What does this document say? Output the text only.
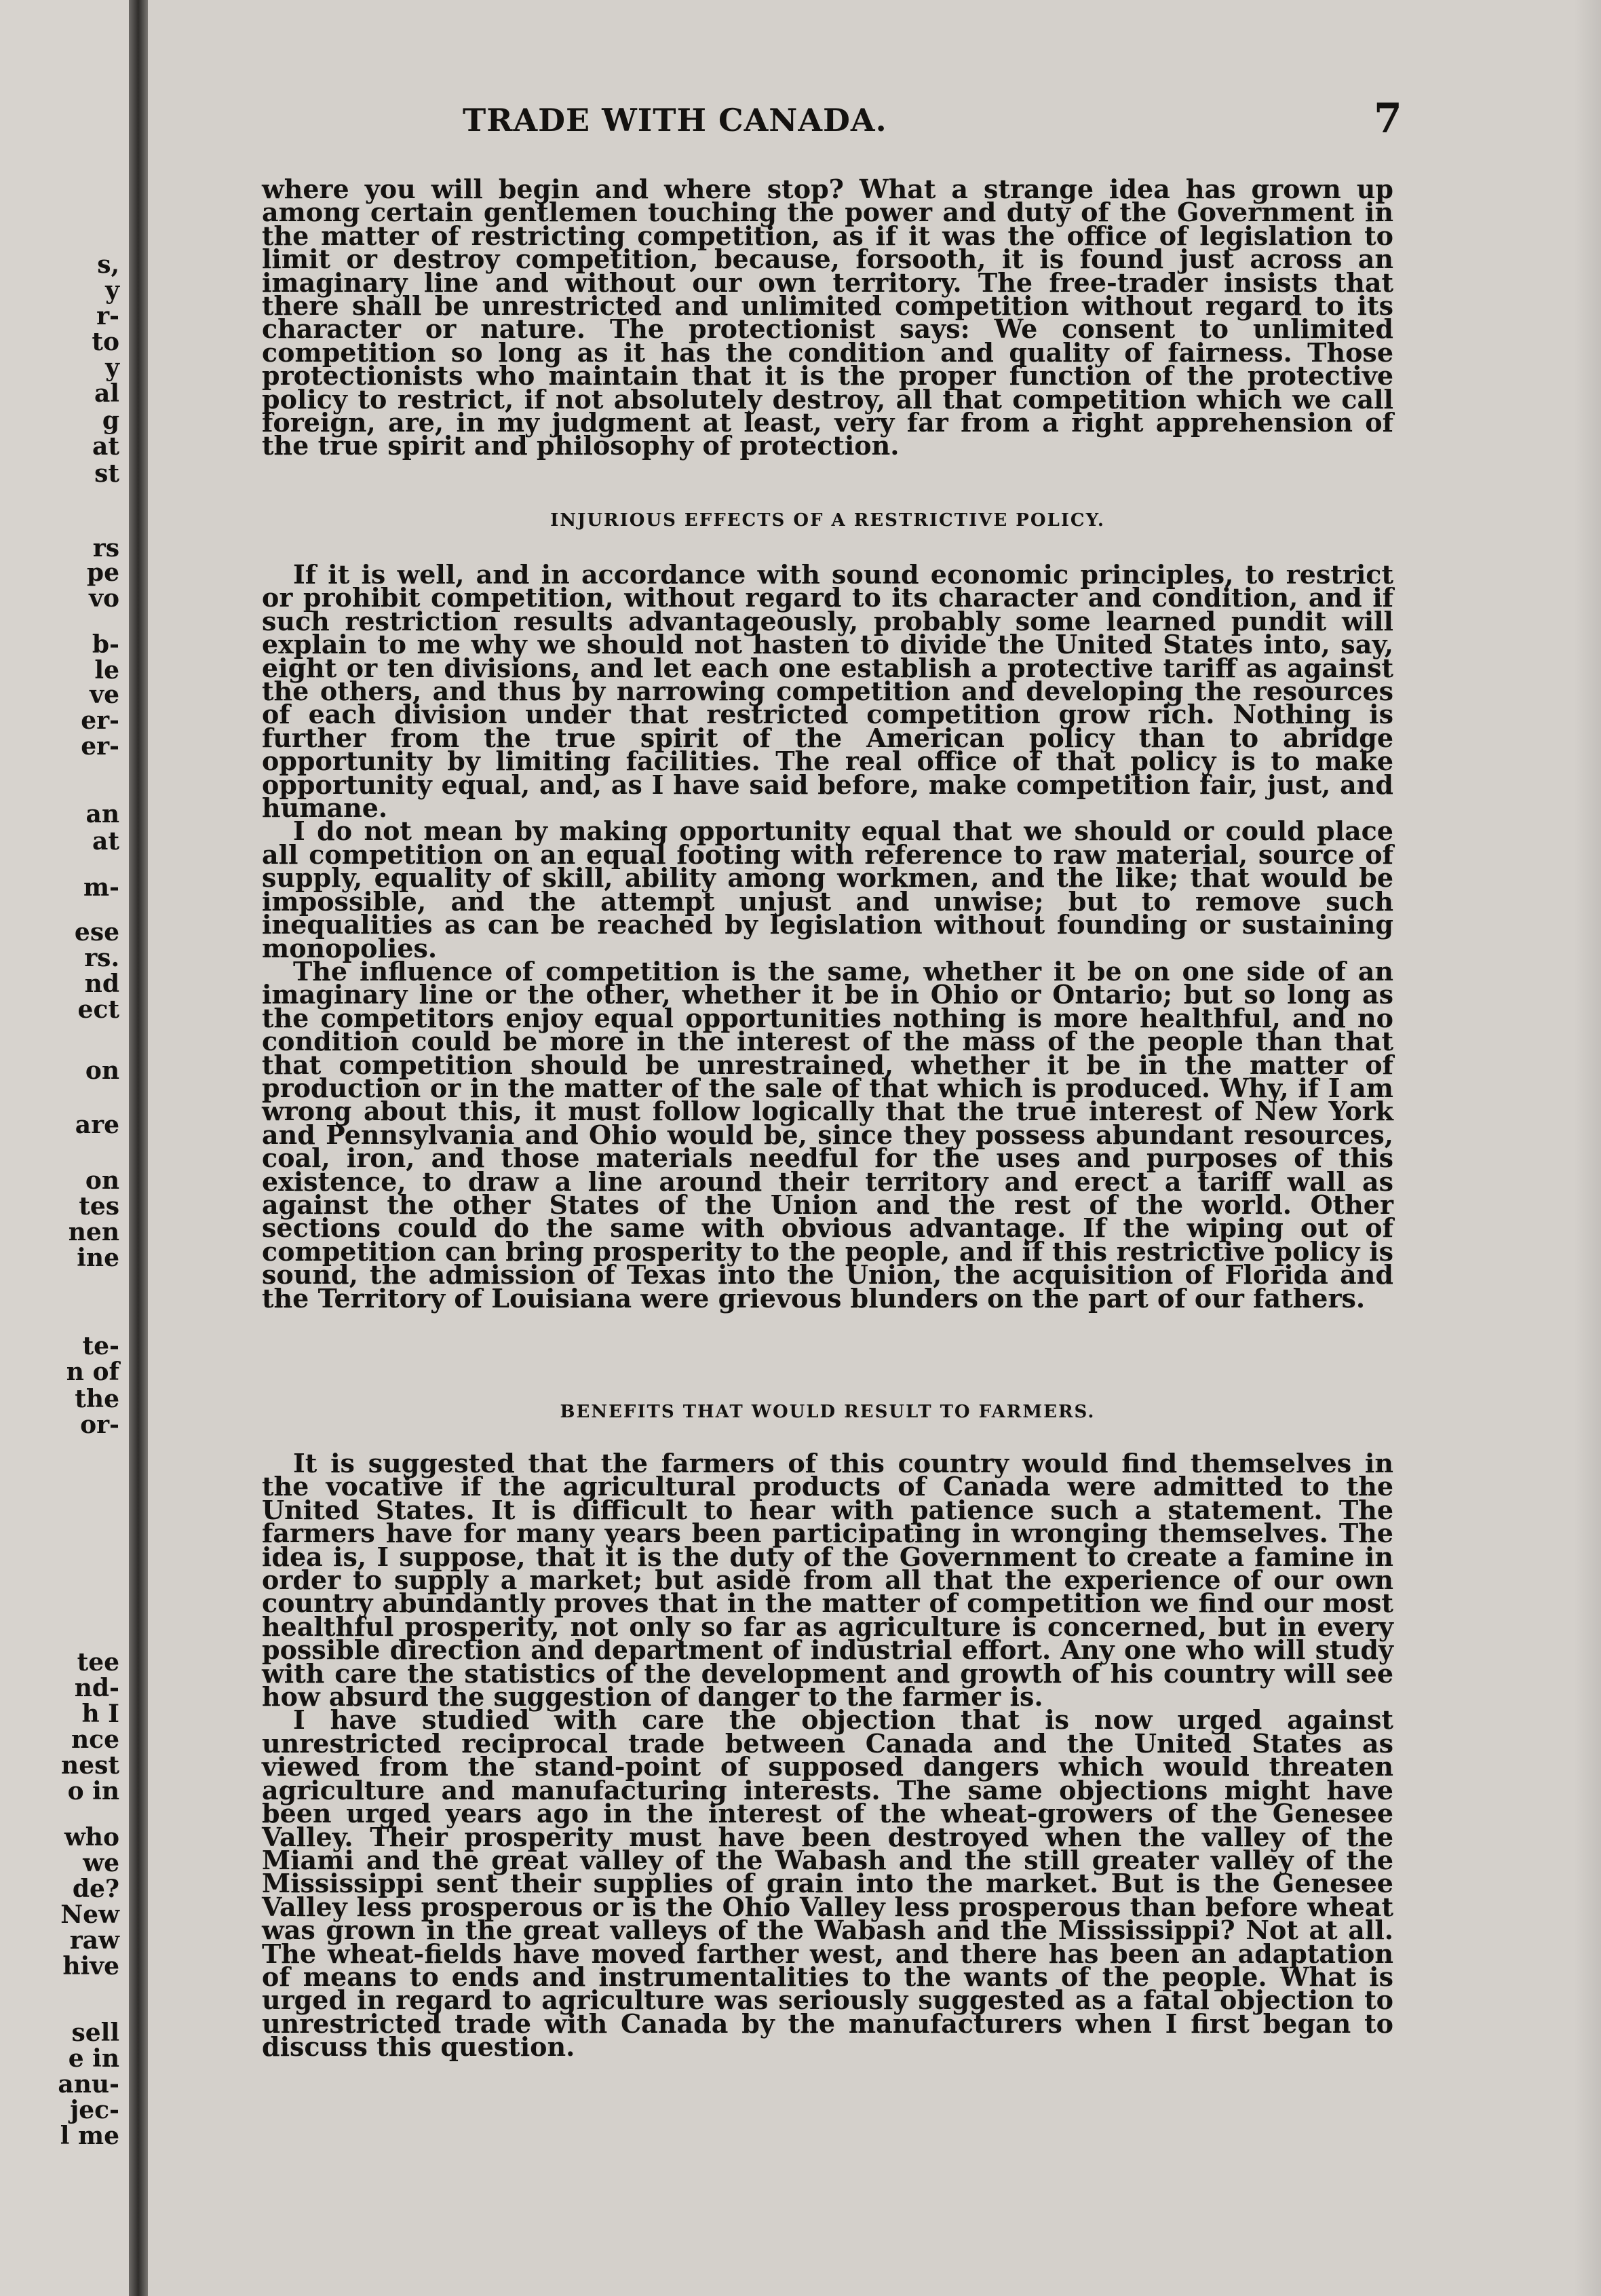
s,
y
r-
to
y
al
g
at
st
rs
pe
vo
b-
le
ve
er-
er-
an
at
m-
ese
rs.
nd
ect
on
are
on
tes
nen
ine
te-
n of
the
or-
tee
nd-
h I
nce
nest
o in
who
we
de?
New
raw
hive
sell
e in
anu-
jec-
l me
TRADE WITH CANADA.	7

where you will begin and where stop? What a strange idea has grown up among certain gentlemen touching the power and duty of the Government in the matter of restricting competition, as if it was the office of legislation to limit or destroy competition, because, forsooth, it is found just across an imaginary line and without our own territory. The free-trader insists that there shall be unrestricted and unlimited competition without regard to its character or nature. The protectionist says: We consent to unlimited competition so long as it has the condition and quality of fairness. Those protectionists who maintain that it is the proper function of the protective policy to restrict, if not absolutely destroy, all that competition which we call foreign, are, in my judgment at least, very far from a right apprehension of the true spirit and philosophy of protection.

INJURIOUS EFFECTS OF A RESTRICTIVE POLICY.

If it is well, and in accordance with sound economic principles, to restrict or prohibit competition, without regard to its character and condition, and if such restriction results advantageously, probably some learned pundit will explain to me why we should not hasten to divide the United States into, say, eight or ten divisions, and let each one establish a protective tariff as against the others, and thus by narrowing competition and developing the resources of each division under that restricted competition grow rich. Nothing is further from the true spirit of the American policy than to abridge opportunity by limiting facilities. The real office of that policy is to make opportunity equal, and, as I have said before, make competition fair, just, and humane.

I do not mean by making opportunity equal that we should or could place all competition on an equal footing with reference to raw material, source of supply, equality of skill, ability among workmen, and the like; that would be impossible, and the attempt unjust and unwise; but to remove such inequalities as can be reached by legislation without founding or sustaining monopolies.

The influence of competition is the same, whether it be on one side of an imaginary line or the other, whether it be in Ohio or Ontario; but so long as the competitors enjoy equal opportunities nothing is more healthful, and no condition could be more in the interest of the mass of the people than that that competition should be unrestrained, whether it be in the matter of production or in the matter of the sale of that which is produced. Why, if I am wrong about this, it must follow logically that the true interest of New York and Pennsylvania and Ohio would be, since they possess abundant resources, coal, iron, and those materials needful for the uses and purposes of this existence, to draw a line around their territory and erect a tariff wall as against the other States of the Union and the rest of the world. Other sections could do the same with obvious advantage. If the wiping out of competition can bring prosperity to the people, and if this restrictive policy is sound, the admission of Texas into the Union, the acquisition of Florida and the Territory of Louisiana were grievous blunders on the part of our fathers.

BENEFITS THAT WOULD RESULT TO FARMERS.

It is suggested that the farmers of this country would find themselves in the vocative if the agricultural products of Canada were admitted to the United States. It is difficult to hear with patience such a statement. The farmers have for many years been participating in wronging themselves. The idea is, I suppose, that it is the duty of the Government to create a famine in order to supply a market; but aside from all that the experience of our own country abundantly proves that in the matter of competition we find our most healthful prosperity, not only so far as agriculture is concerned, but in every possible direction and department of industrial effort. Any one who will study with care the statistics of the development and growth of his country will see how absurd the suggestion of danger to the farmer is.

I have studied with care the objection that is now urged against unrestricted reciprocal trade between Canada and the United States as viewed from the stand-point of supposed dangers which would threaten agriculture and manufacturing interests. The same objections might have been urged years ago in the interest of the wheat-growers of the Genesee Valley. Their prosperity must have been destroyed when the valley of the Miami and the great valley of the Wabash and the still greater valley of the Mississippi sent their supplies of grain into the market. But is the Genesee Valley less prosperous or is the Ohio Valley less prosperous than before wheat was grown in the great valleys of the Wabash and the Mississippi? Not at all. The wheat-fields have moved farther west, and there has been an adaptation of means to ends and instrumentalities to the wants of the people. What is urged in regard to agriculture was seriously suggested as a fatal objection to unrestricted trade with Canada by the manufacturers when I first began to discuss this question.
